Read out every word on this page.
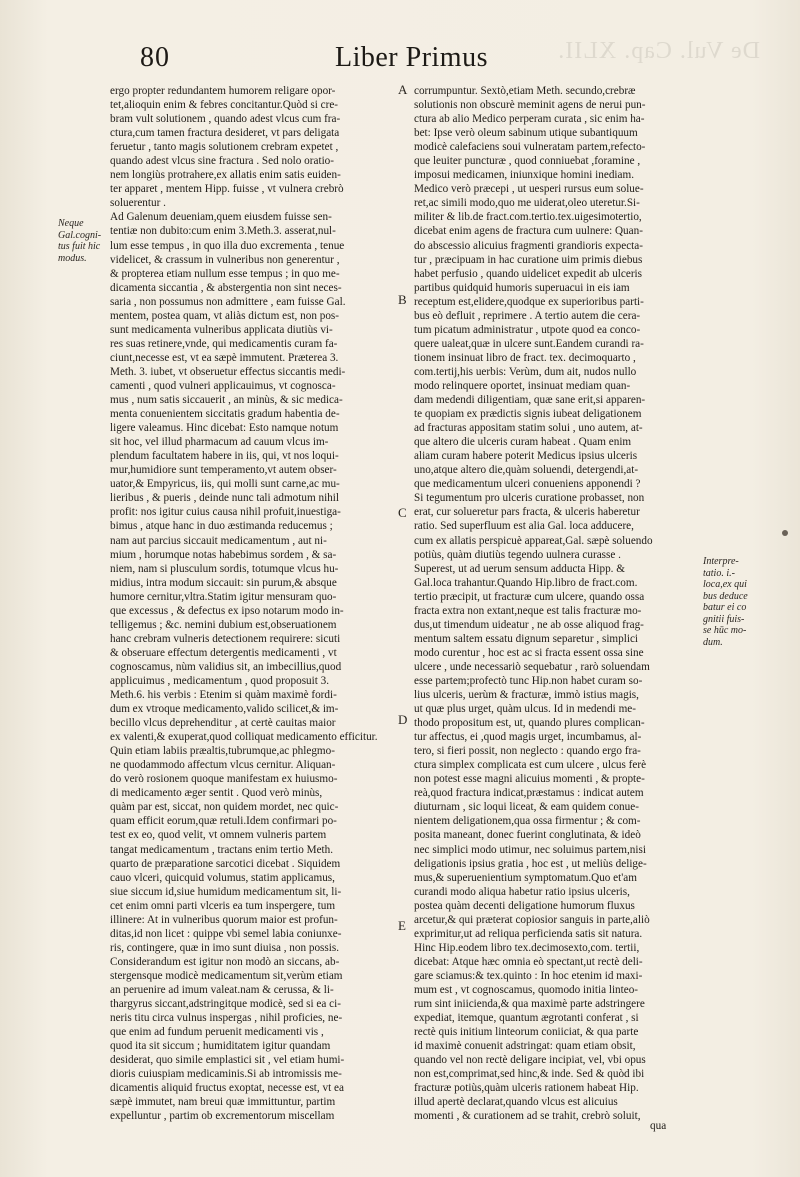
De Vul. Cap. XLII.
80	Liber Primus
ergo propter redundantem humorem religare opor-
tet,alioquin enim & febres concitantur.Quòd si cre-
bram vult solutionem , quando adest vlcus cum fra-
ctura,cum tamen fractura desideret, vt pars deligata
feruetur , tanto magis solutionem crebram expetet ,
quando adest vlcus sine fractura . Sed nolo oratio-
nem longiùs protrahere,ex allatis enim satis euiden-
ter apparet , mentem Hipp. fuisse , vt vulnera crebrò
soluerentur .
Ad Galenum deueniam,quem eiusdem fuisse sen-
tentiæ non dubito:cum enim 3.Meth.3. asserat,nul-
lum esse tempus , in quo illa duo excrementa , tenue
videlicet, & crassum in vulneribus non generentur ,
& propterea etiam nullum esse tempus ; in quo me-
dicamenta siccantia , & abstergentia non sint neces-
saria , non possumus non admittere , eam fuisse Gal.
mentem, postea quam, vt aliàs dictum est, non pos-
sunt medicamenta vulneribus applicata diutiùs vi-
res suas retinere,vnde, qui medicamentis curam fa-
ciunt,necesse est, vt ea sæpè immutent. Præterea 3.
Meth. 3. iubet, vt obseruetur effectus siccantis medi-
camenti , quod vulneri applicauimus, vt cognosca-
mus , num satis siccauerit , an minùs, & sic medica-
menta conuenientem siccitatis gradum habentia de-
ligere valeamus. Hinc dicebat: Esto namque notum
sit hoc, vel illud pharmacum ad cauum vlcus im-
plendum facultatem habere in iis, qui, vt nos loqui-
mur,humidiore sunt temperamento,vt autem obser-
uator,& Empyricus, iis, qui molli sunt carne,ac mu-
lieribus , & pueris , deinde nunc tali admotum nihil
profit: nos igitur cuius causa nihil profuit,inuestiga-
bimus , atque hanc in duo æstimanda reducemus ;
nam aut parcius siccauit medicamentum , aut ni-
mium , horumque notas habebimus sordem , & sa-
niem, nam si plusculum sordis, totumque vlcus hu-
midius, intra modum siccauit: sin purum,& absque
humore cernitur,vltra.Statim igitur mensuram quo-
que excessus , & defectus ex ipso notarum modo in-
telligemus ; &c. nemini dubium est,obseruationem
hanc crebram vulneris detectionem requirere: sicuti
& obseruare effectum detergentis medicamenti , vt
cognoscamus, nùm validius sit, an imbecillius,quod
applicuimus , medicamentum , quod proposuit 3.
Meth.6. his verbis : Etenim si quàm maximè fordi-
dum ex vtroque medicamento,valido scilicet,& im-
becillo vlcus deprehenditur , at certè cauitas maior
ex valenti,& exuperat,quod colliquat medicamento efficitur.
Quin etiam labiis præaltis,tubrumque,ac phlegmo-
ne quodammodo affectum vlcus cernitur. Aliquan-
do verò rosionem quoque manifestam ex huiusmo-
di medicamento æger sentit . Quod verò minùs,
quàm par est, siccat, non quidem mordet, nec quic-
quam efficit eorum,quæ retuli.Idem confirmari po-
test ex eo, quod velit, vt omnem vulneris partem
tangat medicamentum , tractans enim tertio Meth.
quarto de præparatione sarcotici dicebat . Siquidem
cauo vlceri, quicquid volumus, statim applicamus,
siue siccum id,siue humidum medicamentum sit, li-
cet enim omni parti vlceris ea tum inspergere, tum
illinere: At in vulneribus quorum maior est profun-
ditas,id non licet : quippe vbi semel labia coniunxe-
ris, contingere, quæ in imo sunt diuisa , non possis.
Considerandum est igitur non modò an siccans, ab-
stergensque modicè medicamentum sit,verùm etiam
an peruenire ad imum valeat.nam & cerussa, & li-
thargyrus siccant,adstringitque modicè, sed si ea ci-
neris titu circa vulnus inspergas , nihil proficies, ne-
que enim ad fundum peruenit medicamenti vis ,
quod ita sit siccum ; humiditatem igitur quandam
desiderat, quo simile emplastici sit , vel etiam humi-
dioris cuiuspiam medicaminis.Si ab intromissis me-
dicamentis aliquid fructus exoptat, necesse est, vt ea
sæpè immutet, nam breui quæ immittuntur, partim
expelluntur , partim ob excrementorum miscellam
corrumpuntur. Sextò,etiam Meth. secundo,crebræ
solutionis non obscurè meminit agens de nerui pun-
ctura ab alio Medico perperam curata , sic enim ha-
bet: Ipse verò oleum sabinum utique subantiquum
modicè calefaciens soui vulneratam partem,refecto-
que leuiter puncturæ , quod conniuebat ,foramine ,
imposui medicamen, iniunxique homini inediam.
Medico verò præcepi , ut uesperi rursus eum solue-
ret,ac simili modo,quo me uiderat,oleo uteretur.Si-
militer & lib.de fract.com.tertio.tex.uigesimotertio,
dicebat enim agens de fractura cum uulnere: Quan-
do abscessio alicuius fragmenti grandioris expecta-
tur , præcipuam in hac curatione uim primis diebus
habet perfusio , quando uidelicet expedit ab ulceris
partibus quidquid humoris superuacui in eis iam
receptum est,elidere,quodque ex superioribus parti-
bus eò defluit , reprimere . A tertio autem die cera-
tum picatum administratur , utpote quod ea conco-
quere ualeat,quæ in ulcere sunt.Eandem curandi ra-
tionem insinuat libro de fract. tex. decimoquarto ,
com.tertij,his uerbis: Verùm, dum ait, nudos nullo
modo relinquere oportet, insinuat mediam quan-
dam medendi diligentiam, quæ sane erit,si apparen-
te quopiam ex prædictis signis iubeat deligationem
ad fracturas appositam statim solui , uno autem, at-
que altero die ulceris curam habeat . Quam enim
aliam curam habere poterit Medicus ipsius ulceris
uno,atque altero die,quàm soluendi, detergendi,at-
que medicamentum ulceri conueniens apponendi ?
Si tegumentum pro ulceris curatione probasset, non
erat, cur solueretur pars fracta, & ulceris haberetur
ratio. Sed superfluum est alia Gal. loca adducere,
cum ex allatis perspicuè appareat,Gal. sæpè soluendo
potiùs, quàm diutiùs tegendo uulnera curasse .
Superest, ut ad uerum sensum adducta Hipp. &
Gal.loca trahantur.Quando Hip.libro de fract.com.
tertio præcipit, ut fracturæ cum ulcere, quando ossa
fracta extra non extant,neque est talis fracturæ mo-
dus,ut timendum uideatur , ne ab osse aliquod frag-
mentum saltem essatu dignum separetur , simplici
modo curentur , hoc est ac si fracta essent ossa sine
ulcere , unde necessariò sequebatur , rarò soluendam
esse partem;profectò tunc Hip.non habet curam so-
lius ulceris, uerùm & fracturæ, immò istius magis,
ut quæ plus urget, quàm ulcus. Id in medendi me-
thodo propositum est, ut, quando plures complican-
tur affectus, ei ,quod magis urget, incumbamus, al-
tero, si fieri possit, non neglecto : quando ergo fra-
ctura simplex complicata est cum ulcere , ulcus ferè
non potest esse magni alicuius momenti , & propte-
reà,quod fractura indicat,præstamus : indicat autem
diuturnam , sic loqui liceat, & eam quidem conue-
nientem deligationem,qua ossa firmentur ; & com-
posita maneant, donec fuerint conglutinata, & ideò
nec simplici modo utimur, nec soluimus partem,nisi
deligationis ipsius gratia , hoc est , ut meliùs delige-
mus,& superuenientium symptomatum.Quo et'am
curandi modo aliqua habetur ratio ipsius ulceris,
postea quàm decenti deligatione humorum fluxus
arcetur,& qui præterat copiosior sanguis in parte,aliò
exprimitur,ut ad reliqua perficienda satis sit natura.
Hinc Hip.eodem libro tex.decimosexto,com. tertii,
dicebat: Atque hæc omnia eò spectant,ut rectè deli-
gare sciamus:& tex.quinto : In hoc etenim id maxi-
mum est , vt cognoscamus, quomodo initia linteo-
rum sint iniicienda,& qua maximè parte adstringere
expediat, itemque, quantum ægrotanti conferat , si
rectè quis initium linteorum coniiciat, & qua parte
id maximè conuenit adstringat: quam etiam obsit,
quando vel non rectè deligare incipiat, vel, vbi opus
non est,comprimat,sed hinc,& inde. Sed & quòd ibi
fracturæ potiùs,quàm ulceris rationem habeat Hip.
illud apertè declarat,quando vlcus est alicuius
momenti , & curationem ad se trahit, crebrò soluit,
Neque
Gal.cogni-
tus fuit hic
modus.
Interpre-
tatio. i.-
loca,ex qui
bus deduce
batur ei co
gnitii fuis-
se hūc mo-
dum.
A
B
C
D
E
qua
